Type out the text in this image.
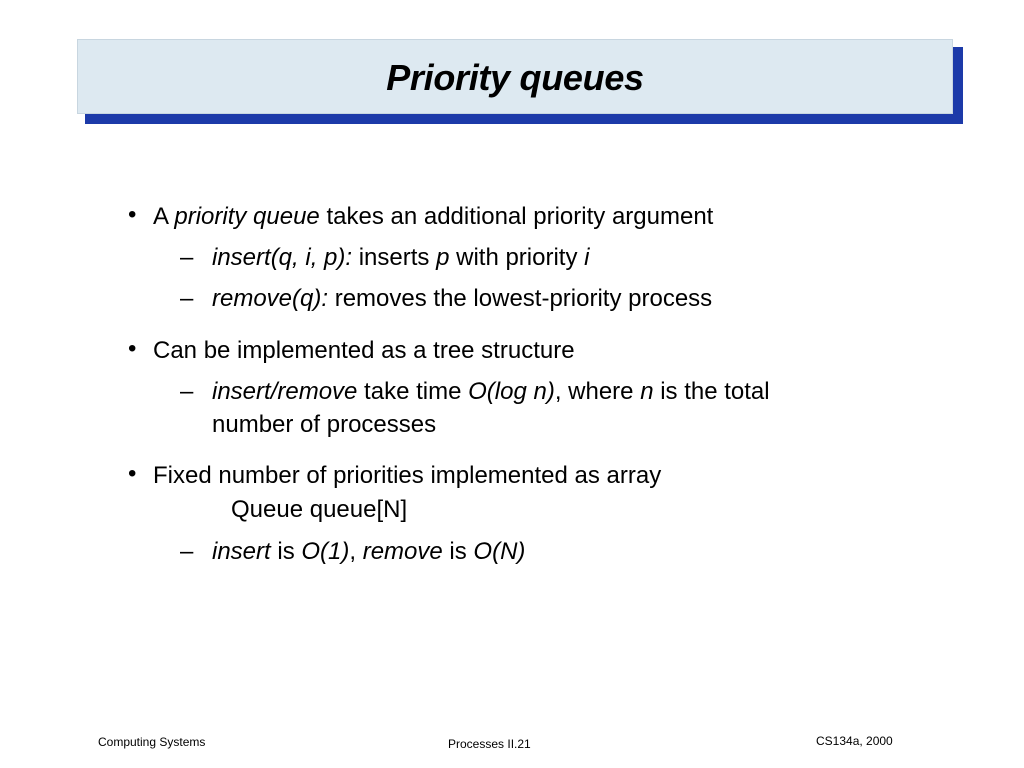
Priority queues
• A priority queue takes an additional priority argument
– insert(q, i, p): inserts p with priority i
– remove(q): removes the lowest-priority process
• Can be implemented as a tree structure
– insert/remove take time O(log n), where n is the total
number of processes
• Fixed number of priorities implemented as array
Queue queue[N]
– insert is O(1), remove is O(N)
Computing Systems	Processes II.21	CS134a, 2000
